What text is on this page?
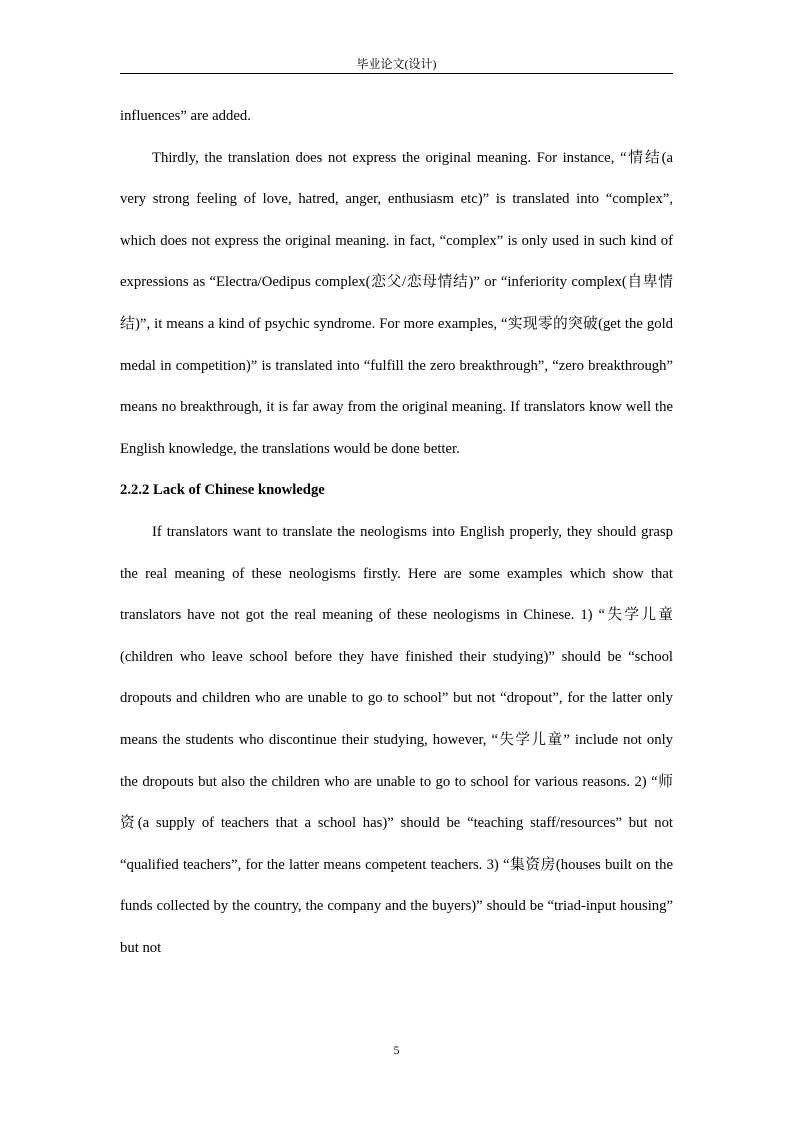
毕业论文(设计)

influences” are added.

Thirdly, the translation does not express the original meaning. For instance, “情结(a very strong feeling of love, hatred, anger, enthusiasm etc)” is translated into “complex”, which does not express the original meaning. in fact, “complex” is only used in such kind of expressions as “Electra/Oedipus complex(恋父/恋母情结)” or “inferiority complex(自卑情结)”, it means a kind of psychic syndrome. For more examples, “实现零的突破(get the gold medal in competition)” is translated into “fulfill the zero breakthrough”, “zero breakthrough” means no breakthrough, it is far away from the original meaning. If translators know well the English knowledge, the translations would be done better.

2.2.2 Lack of Chinese knowledge

If translators want to translate the neologisms into English properly, they should grasp the real meaning of these neologisms firstly. Here are some examples which show that translators have not got the real meaning of these neologisms in Chinese. 1) “失学儿童(children who leave school before they have finished their studying)” should be “school dropouts and children who are unable to go to school” but not “dropout”, for the latter only means the students who discontinue their studying, however, “失学儿童” include not only the dropouts but also the children who are unable to go to school for various reasons. 2) “师资(a supply of teachers that a school has)” should be “teaching staff/resources” but not “qualified teachers”, for the latter means competent teachers. 3) “集资房(houses built on the funds collected by the country, the company and the buyers)” should be “triad-input housing” but not

5
